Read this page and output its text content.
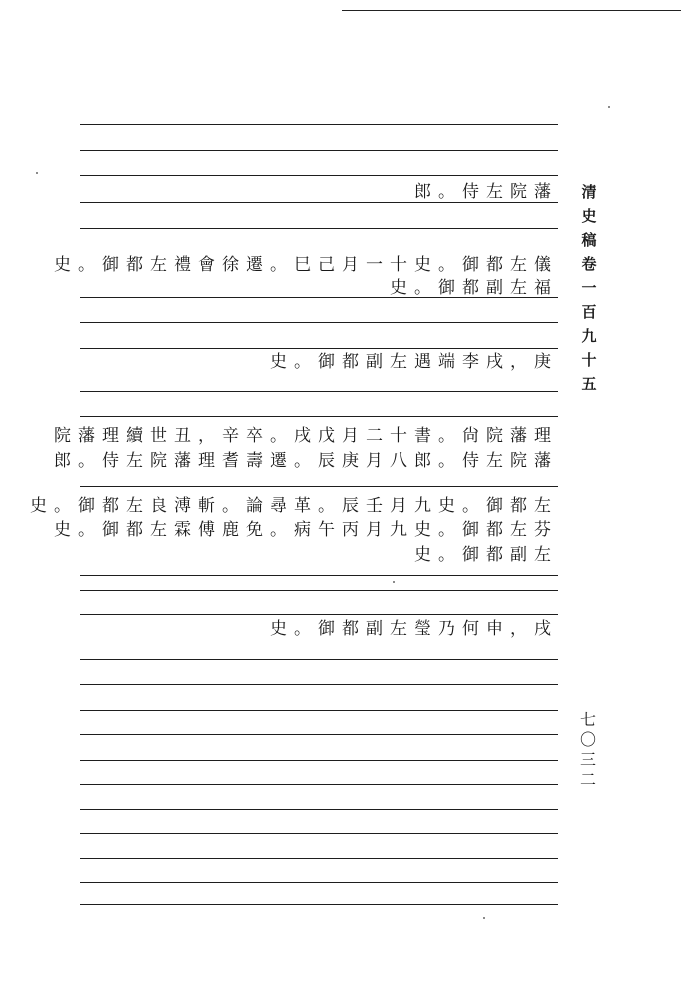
郎。侍左院藩
史。御都左禮會徐遷。巳己月一十史。御都左儀
史。御都副左福
史。御都副左遇端李戌，庚
院藩理續世丑，辛卒。戌戊月二十書。尙院藩理
郎。侍左院藩理耆壽遷。辰庚月八郎。侍左院藩
史。御都左良溥斬。論尋革。辰壬月九史。御都左
史。御都左霖傅鹿免。病午丙月九史。御都左芬
史。御都副左
史。御都副左瑩乃何申，戌
清
史
稿
卷
一
百
九
十
五
七
〇
三
二
